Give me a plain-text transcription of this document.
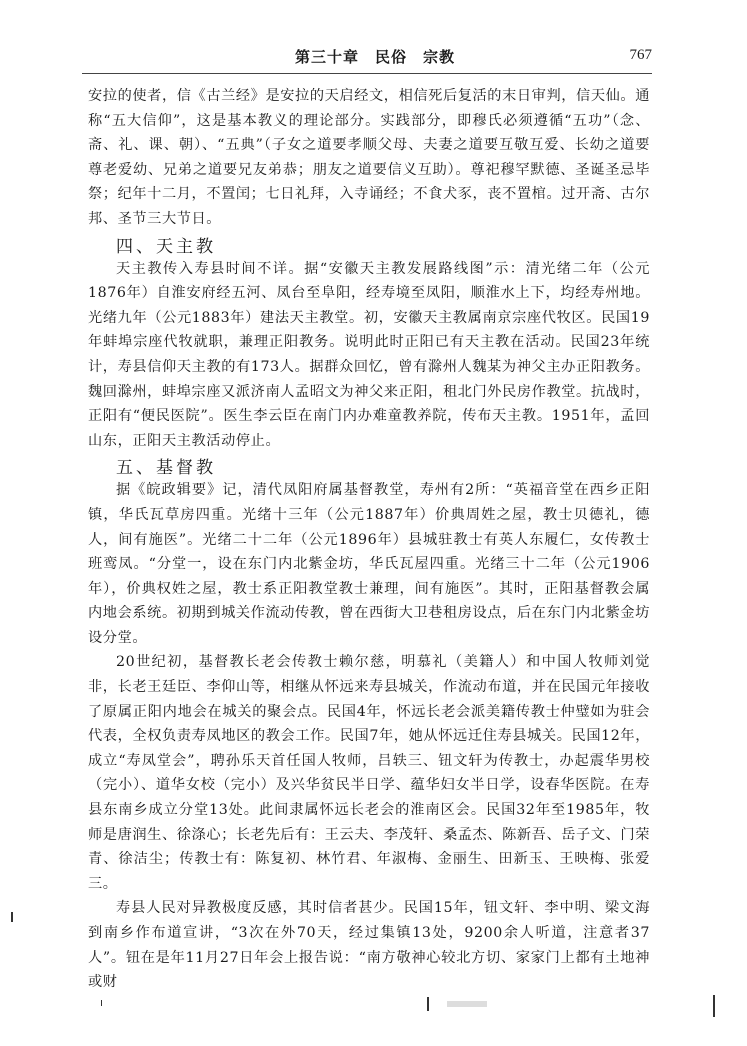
第三十章　民俗　宗教	767

安拉的使者，信《古兰经》是安拉的天启经文，相信死后复活的末日审判，信天仙。通称“五大信仰”，这是基本教义的理论部分。实践部分，即穆氏必须遵循“五功”（念、斋、礼、课、朝）、“五典”（子女之道要孝顺父母、夫妻之道要互敬互爱、长幼之道要尊老爱幼、兄弟之道要兄友弟恭；朋友之道要信义互助）。尊祀穆罕默德、圣诞圣忌毕祭；纪年十二月，不置闰；七日礼拜，入寺诵经；不食犬豕，丧不置棺。过开斋、古尔邦、圣节三大节日。

四、天主教

天主教传入寿县时间不详。据“安徽天主教发展路线图”示：清光绪二年（公元1876年）自淮安府经五河、凤台至阜阳，经寿境至凤阳，顺淮水上下，均经寿州地。光绪九年（公元1883年）建法天主教堂。初，安徽天主教属南京宗座代牧区。民国19年蚌埠宗座代牧就职，兼理正阳教务。说明此时正阳已有天主教在活动。民国23年统计，寿县信仰天主教的有173人。据群众回忆，曾有滁州人魏某为神父主办正阳教务。魏回滁州，蚌埠宗座又派济南人孟昭文为神父来正阳，租北门外民房作教堂。抗战时，正阳有“便民医院”。医生李云臣在南门内办难童教养院，传布天主教。1951年，孟回山东，正阳天主教活动停止。

五、基督教

据《皖政辑要》记，清代凤阳府属基督教堂，寿州有2所：“英福音堂在西乡正阳镇，华氏瓦草房四重。光绪十三年（公元1887年）价典周姓之屋，教士贝德礼，德人，间有施医”。光绪二十二年（公元1896年）县城驻教士有英人东履仁，女传教士班鸾凤。“分堂一，设在东门内北紫金坊，华氏瓦屋四重。光绪三十二年（公元1906年），价典权姓之屋，教士系正阳教堂教士兼理，间有施医”。其时，正阳基督教会属内地会系统。初期到城关作流动传教，曾在西街大卫巷租房设点，后在东门内北紫金坊设分堂。

20世纪初，基督教长老会传教士赖尔慈，明慕礼（美籍人）和中国人牧师刘觉非，长老王廷臣、李仰山等，相继从怀远来寿县城关，作流动布道，并在民国元年接收了原属正阳内地会在城关的聚会点。民国4年，怀远长老会派美籍传教士仲璧如为驻会代表，全权负责寿凤地区的教会工作。民国7年，她从怀远迁住寿县城关。民国12年，成立“寿凤堂会”，聘孙乐天首任国人牧师，吕轶三、钮文轩为传教士，办起震华男校（完小）、道华女校（完小）及兴华贫民半日学、蕴华妇女半日学，设春华医院。在寿县东南乡成立分堂13处。此间隶属怀远长老会的淮南区会。民国32年至1985年，牧师是唐润生、徐涤心；长老先后有：王云夫、李茂轩、桑孟杰、陈新吾、岳子文、门荣青、徐洁尘；传教士有：陈复初、林竹君、年淑梅、金丽生、田新玉、王映梅、张爱三。

寿县人民对异教极度反感，其时信者甚少。民国15年，钮文轩、李中明、梁文海到南乡作布道宣讲，“3次在外70天，经过集镇13处，9200余人听道，注意者37人”。钮在是年11月27日年会上报告说：“南方敬神心较北方切、家家门上都有土地神或财
